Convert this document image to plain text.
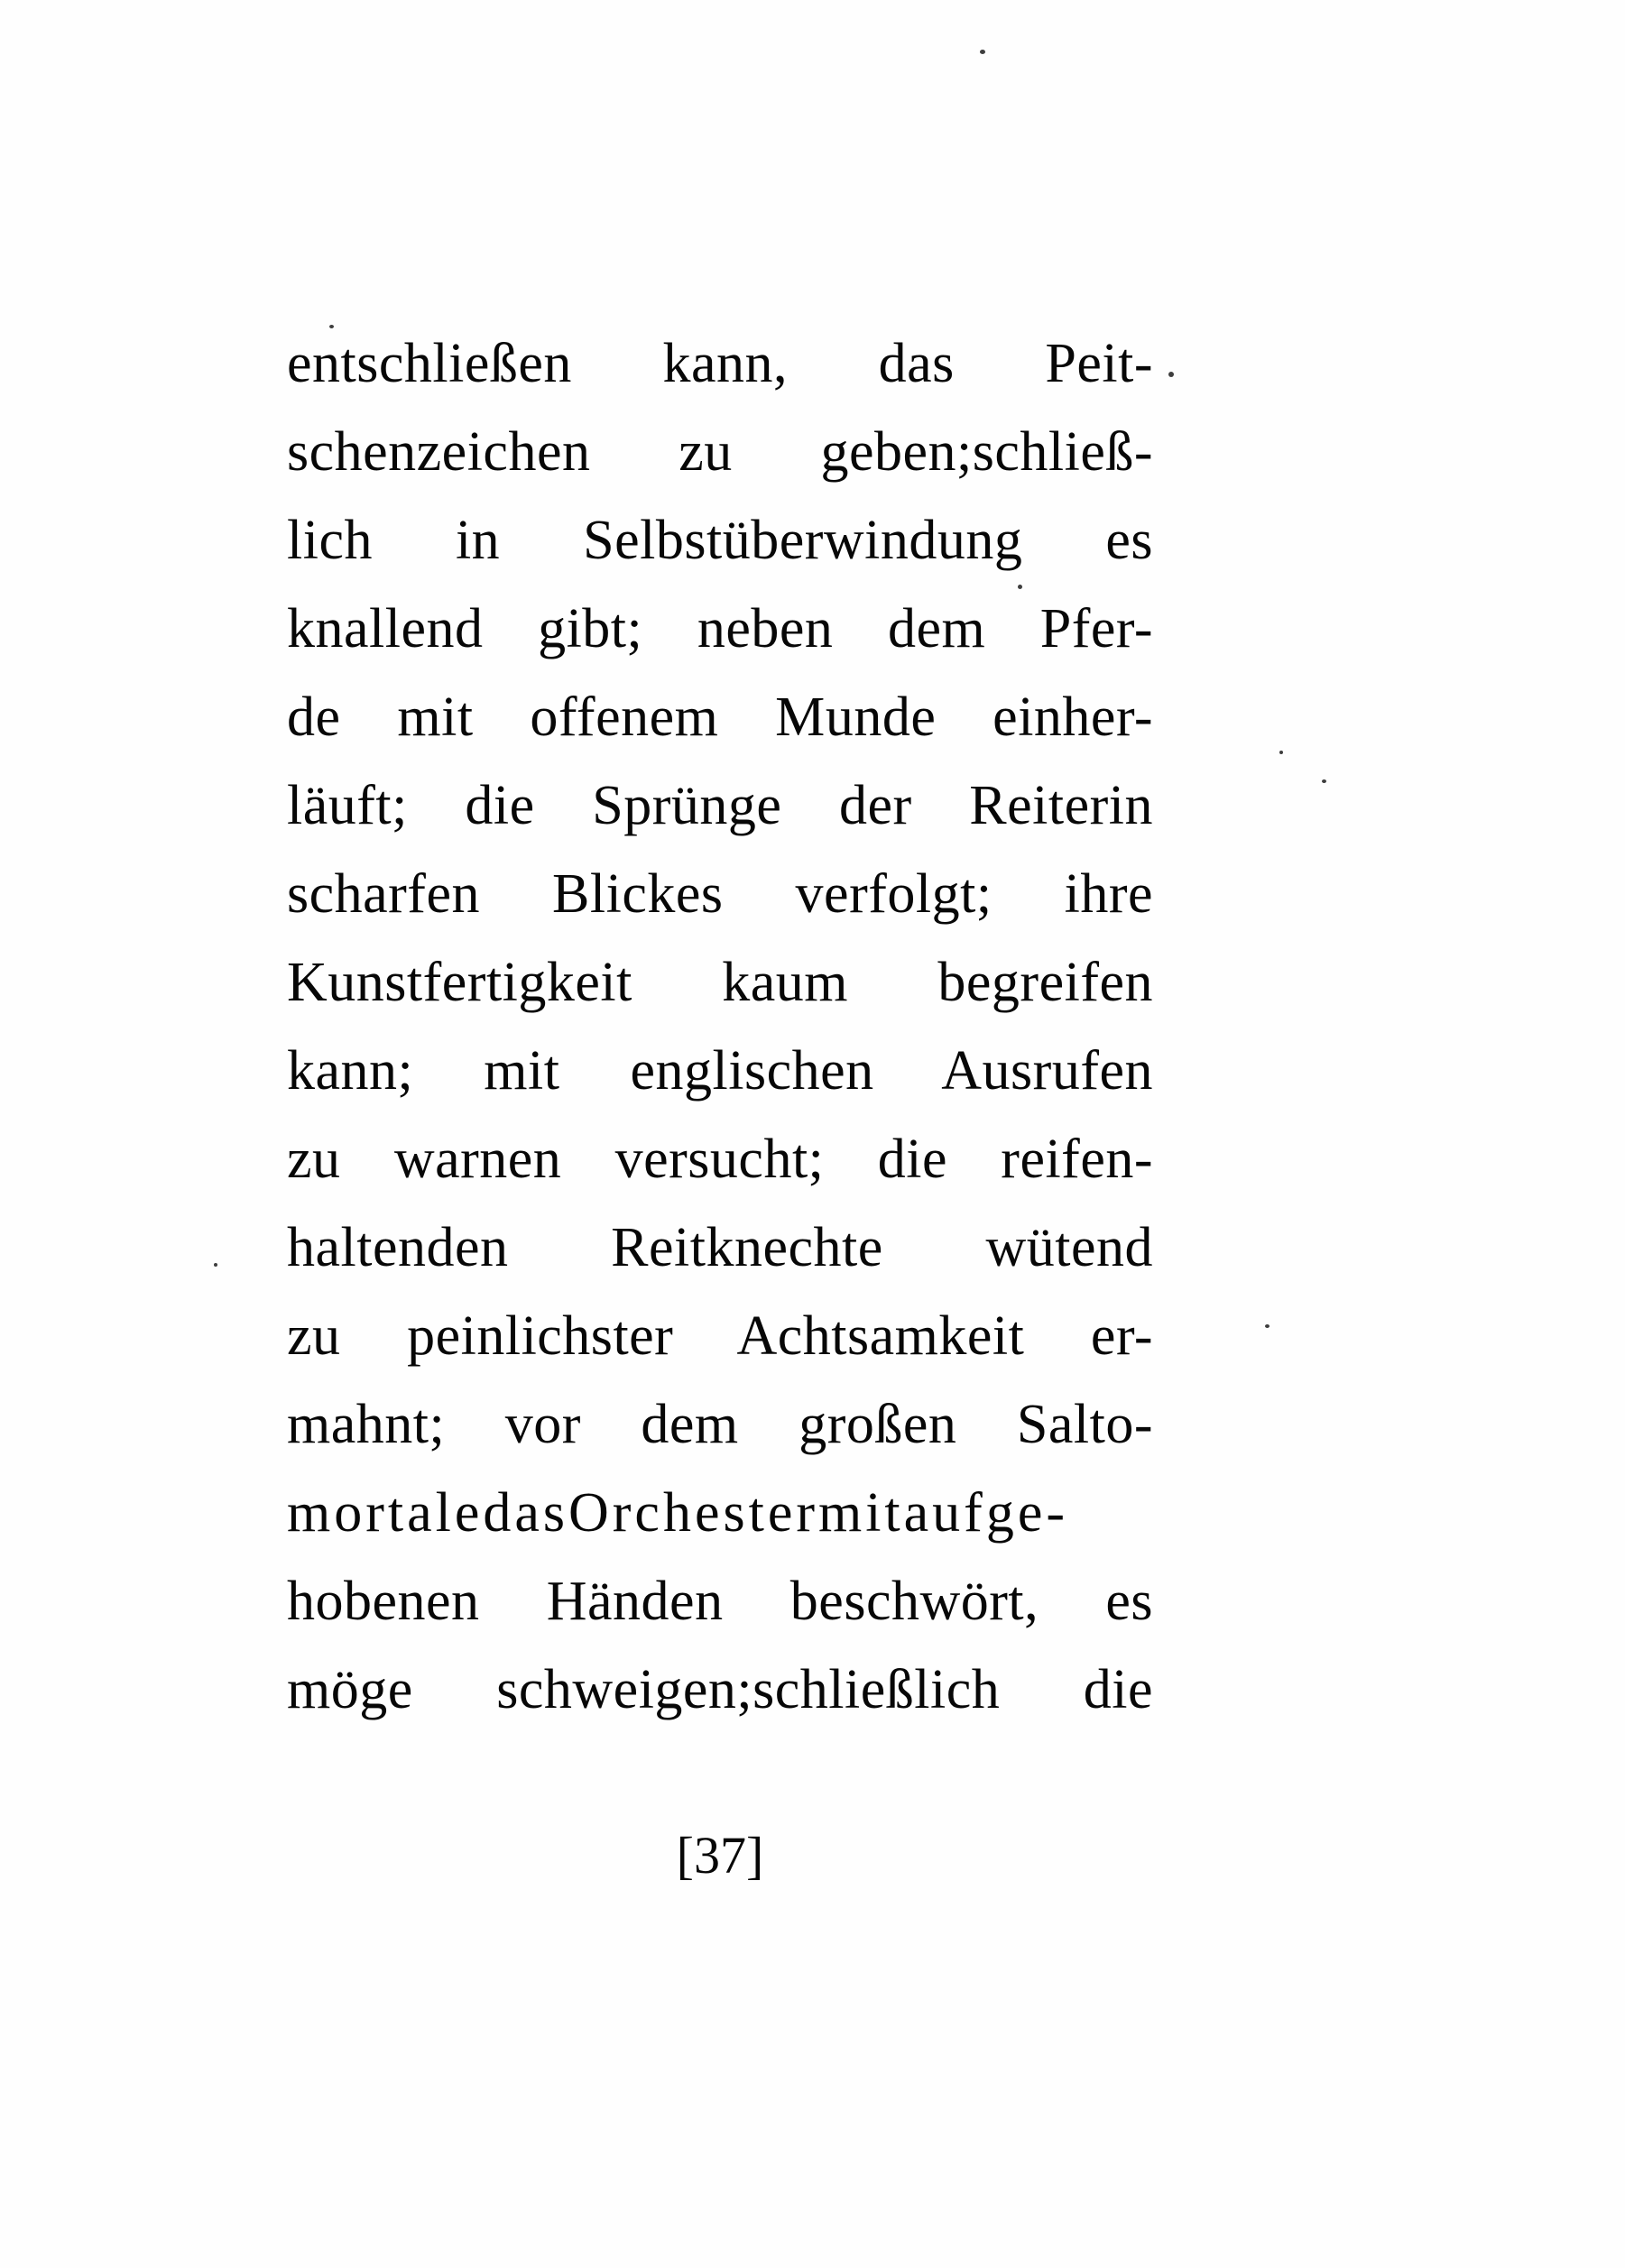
entschließen kann, das Peit-
schenzeichen zu geben;schließ-
lich in Selbstüberwindung es
knallend gibt; neben dem Pfer-
de mit offenem Munde einher-
läuft; die Sprünge der Reiterin
scharfen Blickes verfolgt; ihre
Kunstfertigkeit kaum begreifen
kann; mit englischen Ausrufen
zu warnen versucht; die reifen-
haltenden Reitknechte wütend
zu peinlichster Achtsamkeit er-
mahnt; vor dem großen Salto-
mortaledasOrchestermitaufge-
hobenen Händen beschwört, es
möge schweigen;schließlich die
[37]
